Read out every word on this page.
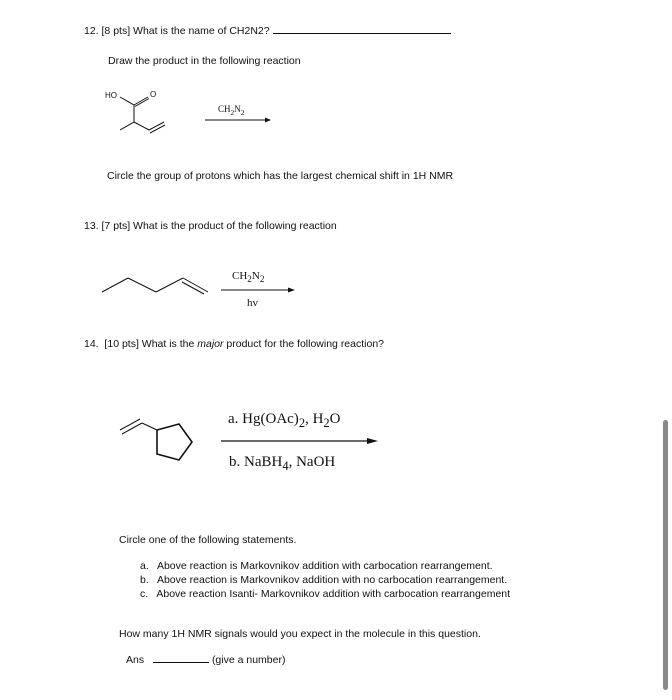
12. [8 pts] What is the name of CH2N2?
Draw the product in the following reaction
HO	O
$CH_2N_2$
Circle the group of protons which has the largest chemical shift in 1H NMR
13. [7 pts] What is the product of the following reaction
$CH_2N_2$
hv
14.  [10 pts] What is the major product for the following reaction?
a. $Hg(OAc)_2$, $H_2O$
b. NaBH$_4$, NaOH
Circle one of the following statements.
a. Above reaction is Markovnikov addition with carbocation rearrangement.
b. Above reaction is Markovnikov addition with no carbocation rearrangement.
c. Above reaction Isanti- Markovnikov addition with carbocation rearrangement
How many 1H NMR signals would you expect in the molecule in this question.
Ans	(give a number)
